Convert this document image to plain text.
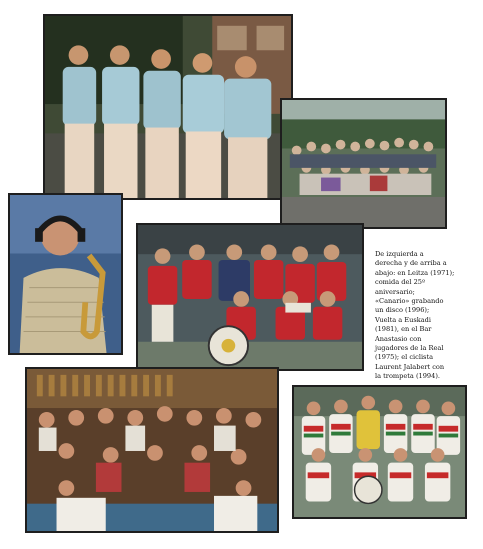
De izquierda a
derecha y de arriba a
abajo: en Leitza (1971);
comida del 25º
aniversario;
«Canario» grabando
un disco (1996);
Vuelta a Euskadi
(1981), en el Bar
Anastasio con
jugadores de la Real
(1975); el ciclista
Laurent Jalabert con
la trompeta (1994).
